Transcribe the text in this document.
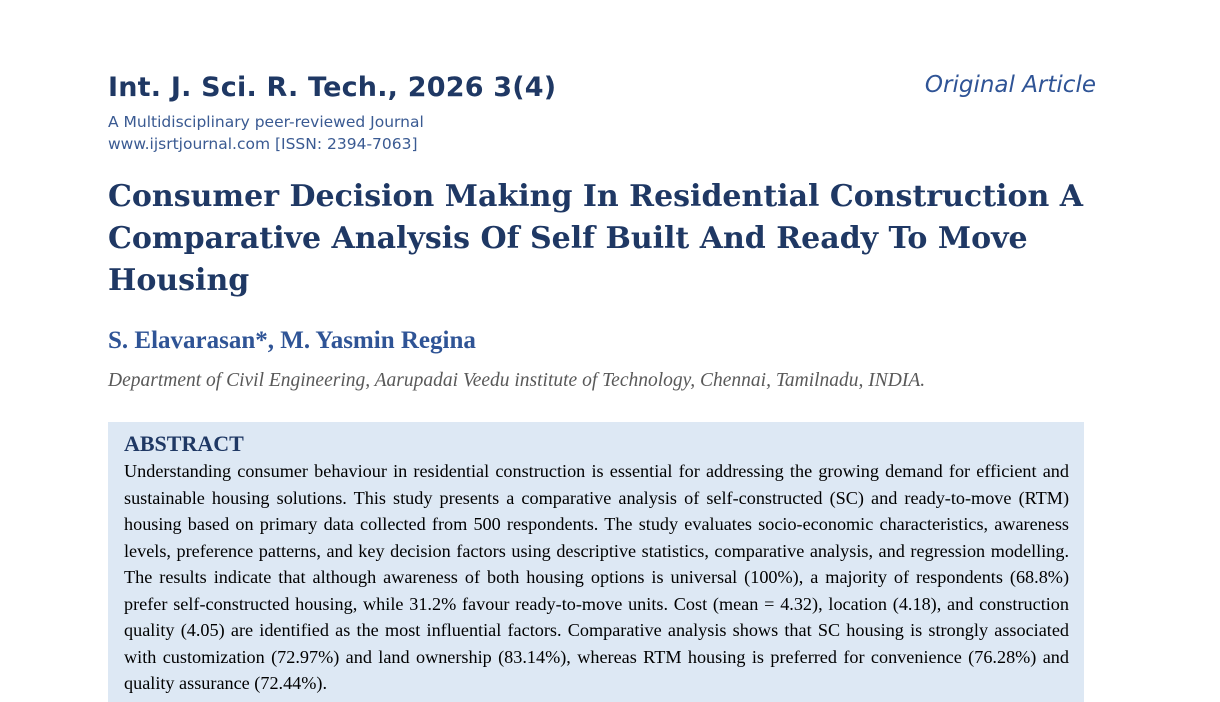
Int. J. Sci. R. Tech., 2026 3(4)
A Multidisciplinary peer-reviewed Journal
www.ijsrtjournal.com [ISSN: 2394-7063]
Original Article
Consumer Decision Making In Residential Construction A Comparative Analysis Of Self Built And Ready To Move Housing
S. Elavarasan*, M. Yasmin Regina
Department of Civil Engineering, Aarupadai Veedu institute of Technology, Chennai, Tamilnadu, INDIA.
ABSTRACT

Understanding consumer behaviour in residential construction is essential for addressing the growing demand for efficient and sustainable housing solutions. This study presents a comparative analysis of self-constructed (SC) and ready-to-move (RTM) housing based on primary data collected from 500 respondents. The study evaluates socio-economic characteristics, awareness levels, preference patterns, and key decision factors using descriptive statistics, comparative analysis, and regression modelling. The results indicate that although awareness of both housing options is universal (100%), a majority of respondents (68.8%) prefer self-constructed housing, while 31.2% favour ready-to-move units. Cost (mean = 4.32), location (4.18), and construction quality (4.05) are identified as the most influential factors. Comparative analysis shows that SC housing is strongly associated with customization (72.97%) and land ownership (83.14%), whereas RTM housing is preferred for convenience (76.28%) and quality assurance (72.44%).
